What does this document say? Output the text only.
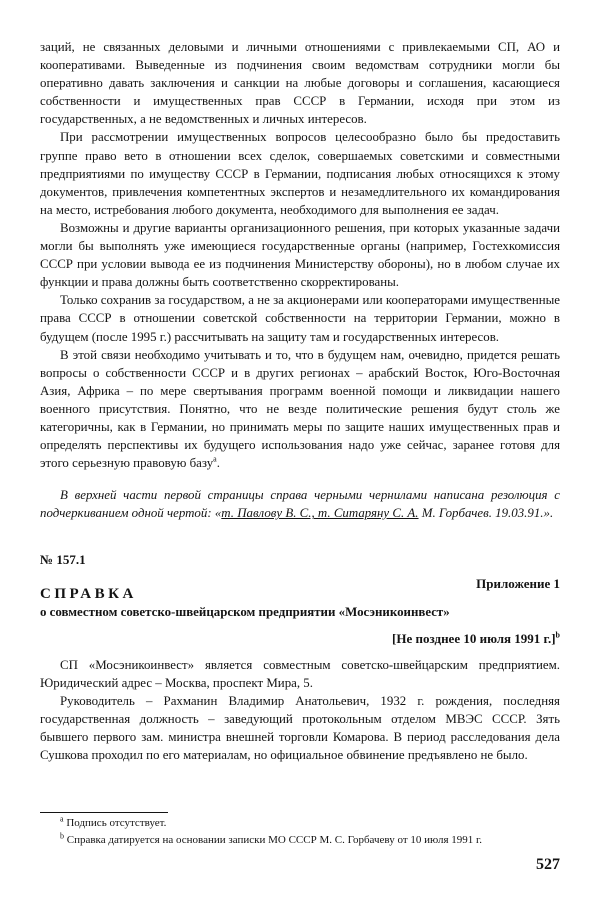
заций, не связанных деловыми и личными отношениями с привлекаемыми СП, АО и кооперативами. Выведенные из подчинения своим ведомствам сотрудники могли бы оперативно давать заключения и санкции на любые договоры и соглашения, касающиеся собственности и имущественных прав СССР в Германии, исходя при этом из государственных, а не ведомственных и личных интересов.

При рассмотрении имущественных вопросов целесообразно было бы предоставить группе право вето в отношении всех сделок, совершаемых советскими и совместными предприятиями по имуществу СССР в Германии, подписания любых относящихся к этому документов, привлечения компетентных экспертов и незамедлительного их командирования на место, истребования любого документа, необходимого для выполнения ее задач.

Возможны и другие варианты организационного решения, при которых указанные задачи могли бы выполнять уже имеющиеся государственные органы (например, Гостехкомиссия СССР при условии вывода ее из подчинения Министерству обороны), но в любом случае их функции и права должны быть соответственно скорректированы.

Только сохранив за государством, а не за акционерами или кооператорами имущественные права СССР в отношении советской собственности на территории Германии, можно в будущем (после 1995 г.) рассчитывать на защиту там и государственных интересов.

В этой связи необходимо учитывать и то, что в будущем нам, очевидно, придется решать вопросы о собственности СССР и в других регионах – арабский Восток, Юго-Восточная Азия, Африка – по мере свертывания программ военной помощи и ликвидации нашего военного присутствия. Понятно, что не везде политические решения будут столь же категоричны, как в Германии, но принимать меры по защите наших имущественных прав и определять перспективы их будущего использования надо уже сейчас, заранее готовя для этого серьезную правовую базу$^a$.

В верхней части первой страницы справа черными чернилами написана резолюция с подчеркиванием одной чертой: «т. Павлову В. С., т. Ситаряну С. А. М. Горбачев. 19.03.91.».

№ 157.1
Приложение 1
СПРАВКА
о совместном советско-швейцарском предприятии «Мосэникоинвест»
[Не позднее 10 июля 1991 г.]$^b$

СП «Мосэникоинвест» является совместным советско-швейцарским предприятием. Юридический адрес – Москва, проспект Мира, 5.

Руководитель – Рахманин Владимир Анатольевич, 1932 г. рождения, последняя государственная должность – заведующий протокольным отделом МВЭС СССР. Зять бывшего первого зам. министра внешней торговли Комарова. В период расследования дела Сушкова проходил по его материалам, но официальное обвинение предъявлено не было.

$^a$ Подпись отсутствует.

$^b$ Справка датируется на основании записки МО СССР М. С. Горбачеву от 10 июля 1991 г.

527
